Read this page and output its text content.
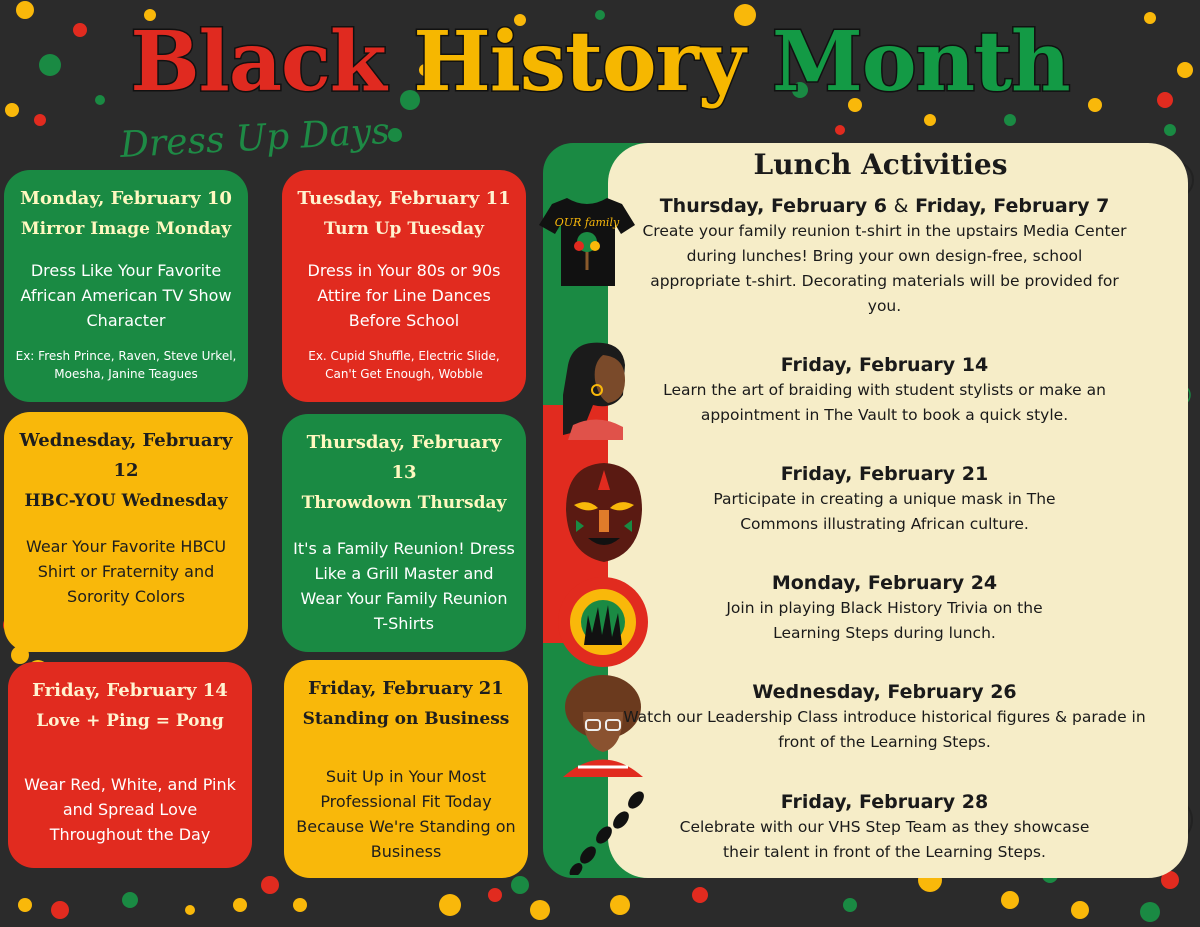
Black History Month
Dress Up Days
Monday, February 10
Mirror Image Monday
Dress Like Your Favorite African American TV Show Character
Ex: Fresh Prince, Raven, Steve Urkel, Moesha, Janine Teagues
Tuesday, February 11
Turn Up Tuesday
Dress in Your 80s or 90s Attire for Line Dances Before School
Ex. Cupid Shuffle, Electric Slide, Can't Get Enough, Wobble
Wednesday, February 12
HBC-YOU Wednesday
Wear Your Favorite HBCU Shirt or Fraternity and Sorority Colors
Thursday, February 13
Throwdown Thursday
It's a Family Reunion! Dress Like a Grill Master and Wear Your Family Reunion T-Shirts
Friday, February 14
Love + Ping = Pong
Wear Red, White, and Pink and Spread Love Throughout the Day
Friday, February 21
Standing on Business
Suit Up in Your Most Professional Fit Today Because We're Standing on Business
Lunch Activities
OUR family
Thursday, February 6 & Friday, February 7
Create your family reunion t-shirt in the upstairs Media Center during lunches! Bring your own design-free, school appropriate t-shirt. Decorating materials will be provided for you.
Friday, February 14
Learn the art of braiding with student stylists or make an appointment in The Vault to book a quick style.
Friday, February 21
Participate in creating a unique mask in The Commons illustrating African culture.
Monday, February 24
Join in playing Black History Trivia on the Learning Steps during lunch.
Wednesday, February 26
Watch our Leadership Class introduce historical figures & parade in front of the Learning Steps.
Friday, February 28
Celebrate with our VHS Step Team as they showcase their talent in front of the Learning Steps.
